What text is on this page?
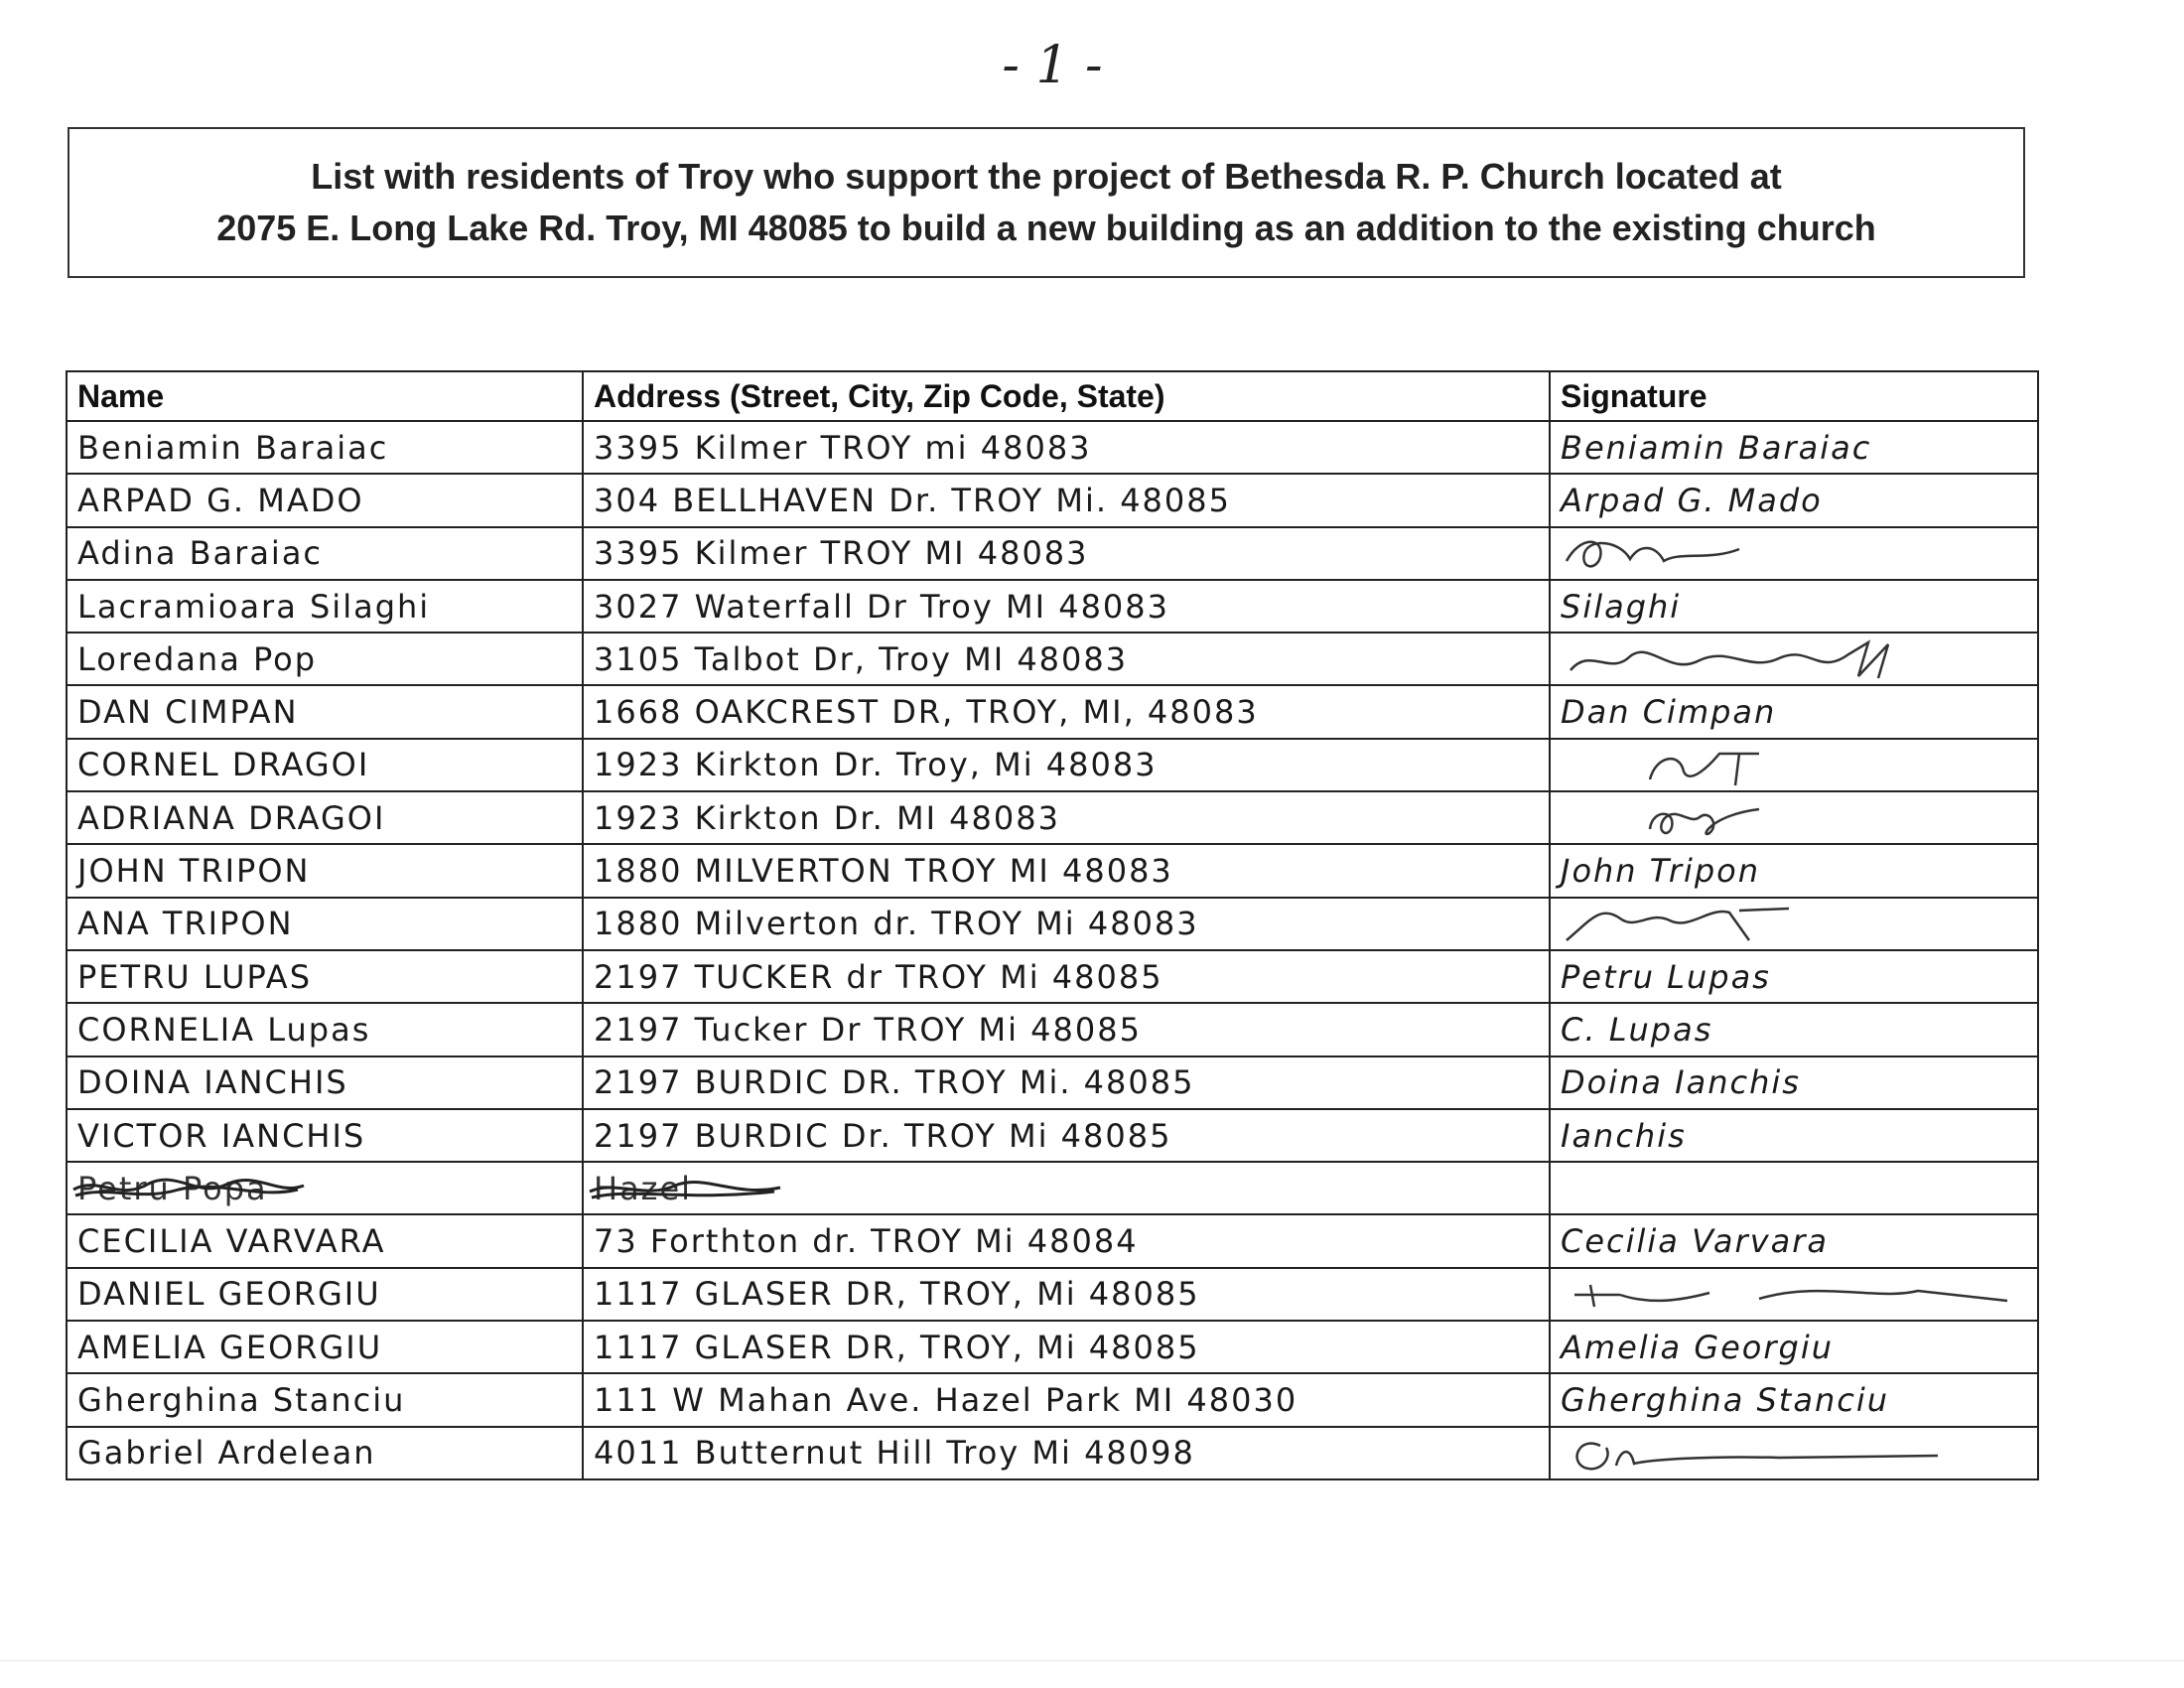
- 1 -
List with residents of Troy who support the project of Bethesda R. P. Church located at
2075 E. Long Lake Rd. Troy, MI 48085 to build a new building as an addition to the existing church
Name	Address (Street, City, Zip Code, State)	Signature
Beniamin Baraiac	3395 Kilmer TROY mi 48083	Beniamin Baraiac
ARPAD G. MADO	304 BELLHAVEN Dr. TROY Mi. 48085	Arpad G. Mado
Adina Baraiac	3395 Kilmer TROY MI 48083	
Lacramioara Silaghi	3027 Waterfall Dr Troy MI 48083	Silaghi
Loredana Pop	3105 Talbot Dr, Troy MI 48083	
DAN CIMPAN	1668 OAKCREST DR, TROY, MI, 48083	Dan Cimpan
CORNEL DRAGOI	1923 Kirkton Dr. Troy, Mi 48083	
ADRIANA DRAGOI	1923 Kirkton Dr. MI 48083	
JOHN TRIPON	1880 MILVERTON TROY MI 48083	John Tripon
ANA TRIPON	1880 Milverton dr. TROY Mi 48083	
PETRU LUPAS	2197 TUCKER dr TROY Mi 48085	Petru Lupas
CORNELIA Lupas	2197 Tucker Dr TROY Mi 48085	C. Lupas
DOINA IANCHIS	2197 BURDIC DR. TROY Mi. 48085	Doina Ianchis
VICTOR IANCHIS	2197 BURDIC Dr. TROY Mi 48085	Ianchis
Petru Popa	Hazel

CECILIA VARVARA	73 Forthton dr. TROY Mi 48084	Cecilia Varvara
DANIEL GEORGIU	1117 GLASER DR, TROY, Mi 48085	
AMELIA GEORGIU	1117 GLASER DR, TROY, Mi 48085	Amelia Georgiu
Gherghina Stanciu	111 W Mahan Ave. Hazel Park MI 48030	Gherghina Stanciu
Gabriel Ardelean	4011 Butternut Hill Troy Mi 48098	
